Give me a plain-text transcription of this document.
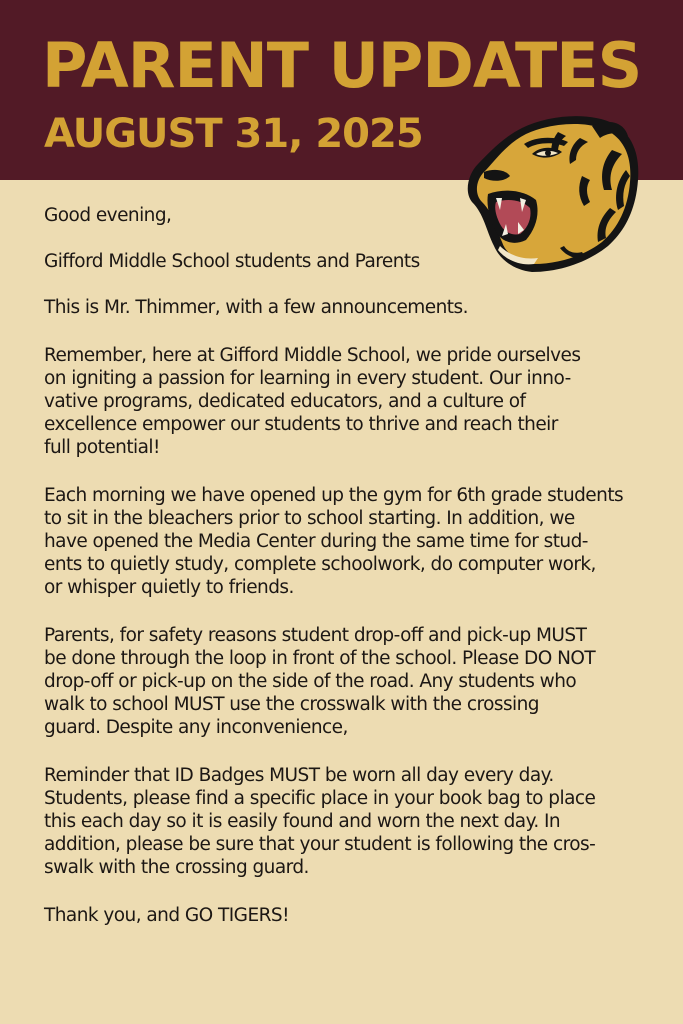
PARENT UPDATES
AUGUST 31, 2025

Good evening,

Gifford Middle School students and Parents

This is Mr. Thimmer, with a few announcements.

Remember, here at Gifford Middle School, we pride ourselves
on igniting a passion for learning in every student. Our inno-
vative programs, dedicated educators, and a culture of
excellence empower our students to thrive and reach their
full potential!

Each morning we have opened up the gym for 6th grade students
to sit in the bleachers prior to school starting. In addition, we
have opened the Media Center during the same time for stud-
ents to quietly study, complete schoolwork, do computer work,
or whisper quietly to friends.

Parents, for safety reasons student drop-off and pick-up MUST
be done through the loop in front of the school. Please DO NOT
drop-off or pick-up on the side of the road. Any students who
walk to school MUST use the crosswalk with the crossing
guard. Despite any inconvenience,

Reminder that ID Badges MUST be worn all day every day.
Students, please find a specific place in your book bag to place
this each day so it is easily found and worn the next day. In
addition, please be sure that your student is following the cros-
swalk with the crossing guard.

Thank you, and GO TIGERS!
